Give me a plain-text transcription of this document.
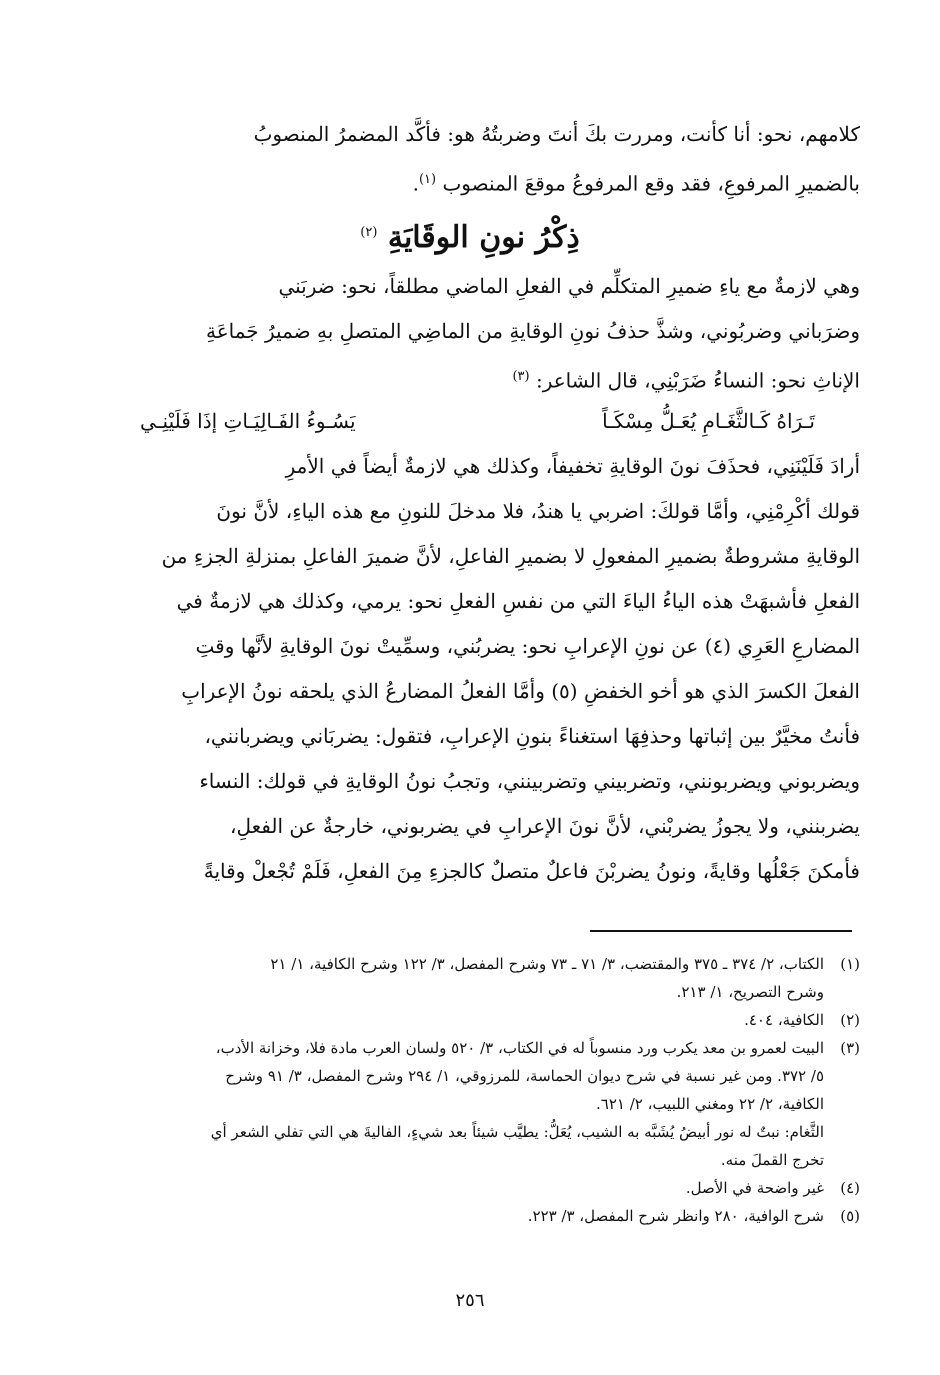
كلامهم، نحو: أنا كأنت، ومررت بكَ أنتَ وضربتُهُ هو: فأكَّد المضمرُ المنصوبُ
بالضميرِ المرفوعِ، فقد وقع المرفوعُ موقعَ المنصوب $^{(١)}$.
ذِكْرُ نونِ الوقَايَةِ $^{(٢)}$
وهي لازمةٌ مع ياءِ ضميرِ المتكلِّم في الفعلِ الماضي مطلقاً، نحو: ضربَني
وضرَباني وضربُوني، وشذَّ حذفُ نونِ الوقايةِ من الماضِي المتصلِ بهِ ضميرُ جَماعَةِ
الإناثِ نحو: النساءُ ضَرَبْنِي، قال الشاعر: $^{(٣)}$
تَـرَاهُ كَـالثَّغَـامِ يُعَـلُّ مِسْكَـاً
يَسُـوءُ الفَـالِيَـاتِ إذَا فَلَيْنِـي
أرادَ فَلَيْنَنِي، فحذَفَ نونَ الوقايةِ تخفيفاً، وكذلك هي لازمةٌ أيضاً في الأمرِ
قولك أكْرِمْنِي، وأمَّا قولكَ: اضربي يا هندُ، فلا مدخلَ للنونِ مع هذه الياءِ، لأنَّ نونَ
الوقايةِ مشروطةٌ بضميرِ المفعولِ لا بضميرِ الفاعلِ، لأنَّ ضميرَ الفاعلِ بمنزلةِ الجزءِ من
الفعلِ فأشبهَتْ هذه الياءُ الياءَ التي من نفسِ الفعلِ نحو: يرمي، وكذلك هي لازمةٌ في
المضارعِ العَرِي (٤) عن نونِ الإعرابِ نحو: يضربُني، وسمِّيتْ نونَ الوقايةِ لأنَّها وقتِ
الفعلَ الكسرَ الذي هو أخو الخفضِ (٥) وأمَّا الفعلُ المضارعُ الذي يلحقه نونُ الإعرابِ
فأنتُ مخيَّرٌ بين إثباتها وحذفِهَا استغناءً بنونِ الإعرابِ، فتقول: يضربَاني ويضربانني،
ويضربوني ويضربونني، وتضربيني وتضربينني، وتجبُ نونُ الوقايةِ في قولك: النساء
يضربنني، ولا يجوزُ يضربْني، لأنَّ نونَ الإعرابِ في يضربوني، خارجةٌ عن الفعلِ،
فأمكنَ جَعْلُها وقايةً، ونونُ يضربْنَ فاعلٌ متصلٌ كالجزءِ مِنَ الفعلِ، فَلَمْ تُجْعلْ وقايةً
(١)
الكتاب، ٢/ ٣٧٤ ـ ٣٧٥ والمقتضب، ٣/ ٧١ ـ ٧٣ وشرح المفصل، ٣/ ١٢٢ وشرح الكافية، ١/ ٢١
وشرح التصريح، ١/ ٢١٣.
(٢)
الكافية، ٤٠٤.
(٣)
البيت لعمرو بن معد يكرب ورد منسوباً له في الكتاب، ٣/ ٥٢٠ ولسان العرب مادة فلا، وخزانة الأدب،
٥/ ٣٧٢. ومن غير نسبة في شرح ديوان الحماسة، للمرزوقي، ١/ ٢٩٤ وشرح المفصل، ٣/ ٩١ وشرح
الكافية، ٢/ ٢٢ ومغني اللبيب، ٢/ ٦٢١.
الثَّغام: نبتٌ له نور أبيضُ يُشَبَّه به الشيب، يُعَلُّ: يطيَّب شيئاً بعد شيءٍ، الفاليةَ هي التي تفلي الشعر أي
تخرج القملَ منه.
(٤)
غير واضحة في الأصل.
(٥)
شرح الوافية، ٢٨٠ وانظر شرح المفصل، ٣/ ٢٢٣.
٢٥٦
